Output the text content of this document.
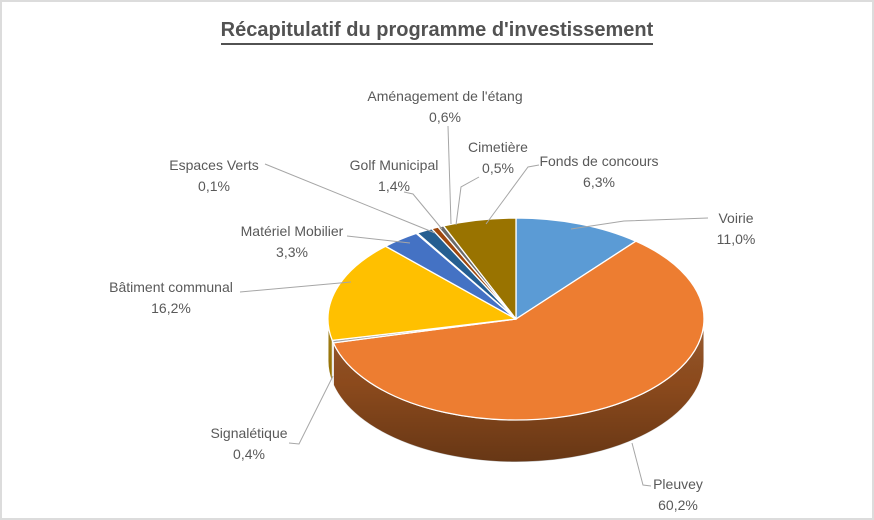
Récapitulatif du programme d'investissement
Voirie
11,0%
Pleuvey
60,2%
Signalétique
0,4%
Bâtiment communal
16,2%
Matériel Mobilier
3,3%
Espaces Verts
0,1%
Golf Municipal
1,4%
Aménagement de l'étang
0,6%
Cimetière
0,5%	Fonds de concours
6,3%
